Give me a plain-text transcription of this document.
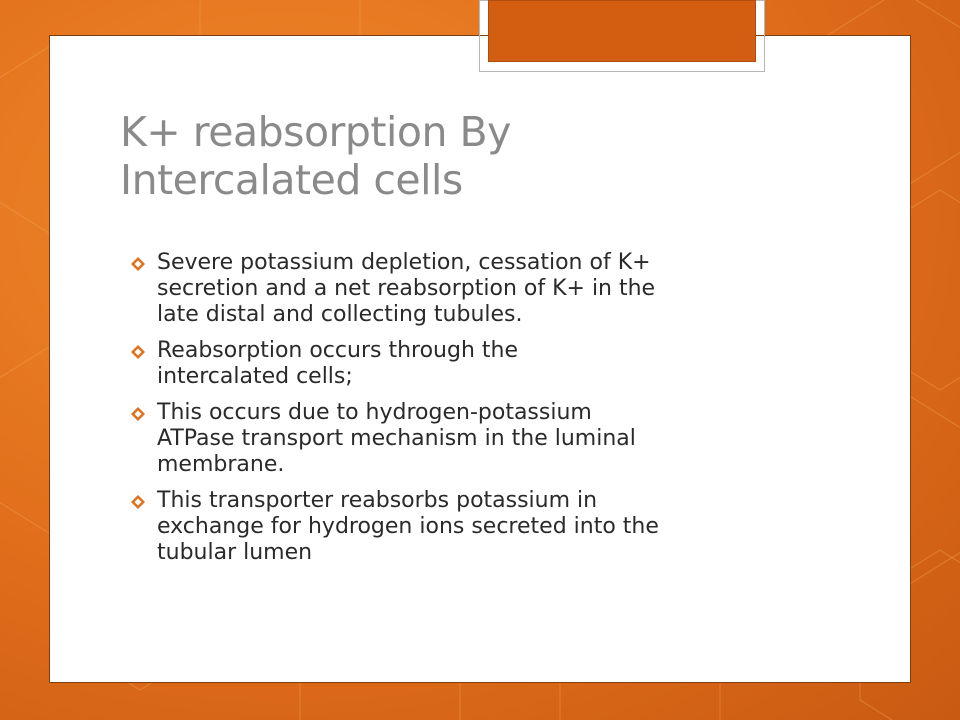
K+ reabsorption By
Intercalated cells
Severe potassium depletion, cessation of K+
secretion and a net reabsorption of K+ in the
late distal and collecting tubules.
Reabsorption occurs through the
intercalated cells;
This occurs due to hydrogen-potassium
ATPase transport mechanism in the luminal
membrane.
This transporter reabsorbs potassium in
exchange for hydrogen ions secreted into the
tubular lumen
